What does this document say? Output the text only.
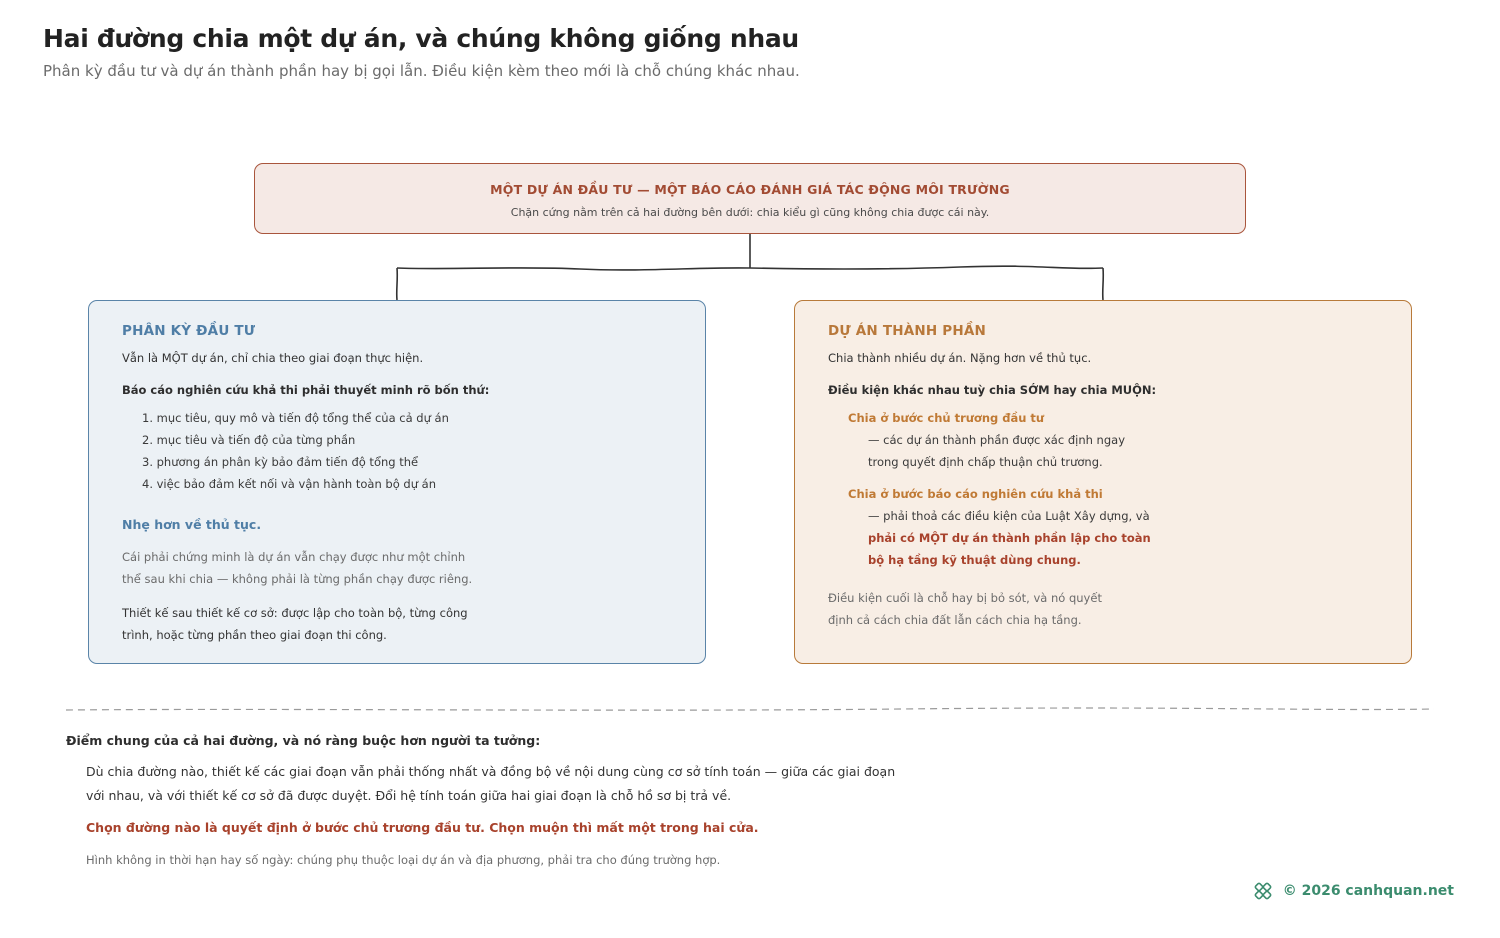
Hai đường chia một dự án, và chúng không giống nhau
Phân kỳ đầu tư và dự án thành phần hay bị gọi lẫn. Điều kiện kèm theo mới là chỗ chúng khác nhau.
MỘT DỰ ÁN ĐẦU TƯ — MỘT BÁO CÁO ĐÁNH GIÁ TÁC ĐỘNG MÔI TRƯỜNG
Chặn cứng nằm trên cả hai đường bên dưới: chia kiểu gì cũng không chia được cái này.
PHÂN KỲ ĐẦU TƯ
Vẫn là MỘT dự án, chỉ chia theo giai đoạn thực hiện.
Báo cáo nghiên cứu khả thi phải thuyết minh rõ bốn thứ:
1. mục tiêu, quy mô và tiến độ tổng thể của cả dự án
2. mục tiêu và tiến độ của từng phần
3. phương án phân kỳ bảo đảm tiến độ tổng thể
4. việc bảo đảm kết nối và vận hành toàn bộ dự án
Nhẹ hơn về thủ tục.
Cái phải chứng minh là dự án vẫn chạy được như một chỉnh thể sau khi chia — không phải là từng phần chạy được riêng.
Thiết kế sau thiết kế cơ sở: được lập cho toàn bộ, từng công trình, hoặc từng phần theo giai đoạn thi công.
DỰ ÁN THÀNH PHẦN
Chia thành nhiều dự án. Nặng hơn về thủ tục.
Điều kiện khác nhau tuỳ chia SỚM hay chia MUỘN:
Chia ở bước chủ trương đầu tư
— các dự án thành phần được xác định ngay trong quyết định chấp thuận chủ trương.
Chia ở bước báo cáo nghiên cứu khả thi
— phải thoả các điều kiện của Luật Xây dựng, và
phải có MỘT dự án thành phần lập cho toàn bộ hạ tầng kỹ thuật dùng chung.
Điều kiện cuối là chỗ hay bị bỏ sót, và nó quyết định cả cách chia đất lẫn cách chia hạ tầng.
Điểm chung của cả hai đường, và nó ràng buộc hơn người ta tưởng:
Dù chia đường nào, thiết kế các giai đoạn vẫn phải thống nhất và đồng bộ về nội dung cùng cơ sở tính toán — giữa các giai đoạn với nhau, và với thiết kế cơ sở đã được duyệt. Đổi hệ tính toán giữa hai giai đoạn là chỗ hồ sơ bị trả về.
Chọn đường nào là quyết định ở bước chủ trương đầu tư. Chọn muộn thì mất một trong hai cửa.
Hình không in thời hạn hay số ngày: chúng phụ thuộc loại dự án và địa phương, phải tra cho đúng trường hợp.
© 2026 canhquan.net
